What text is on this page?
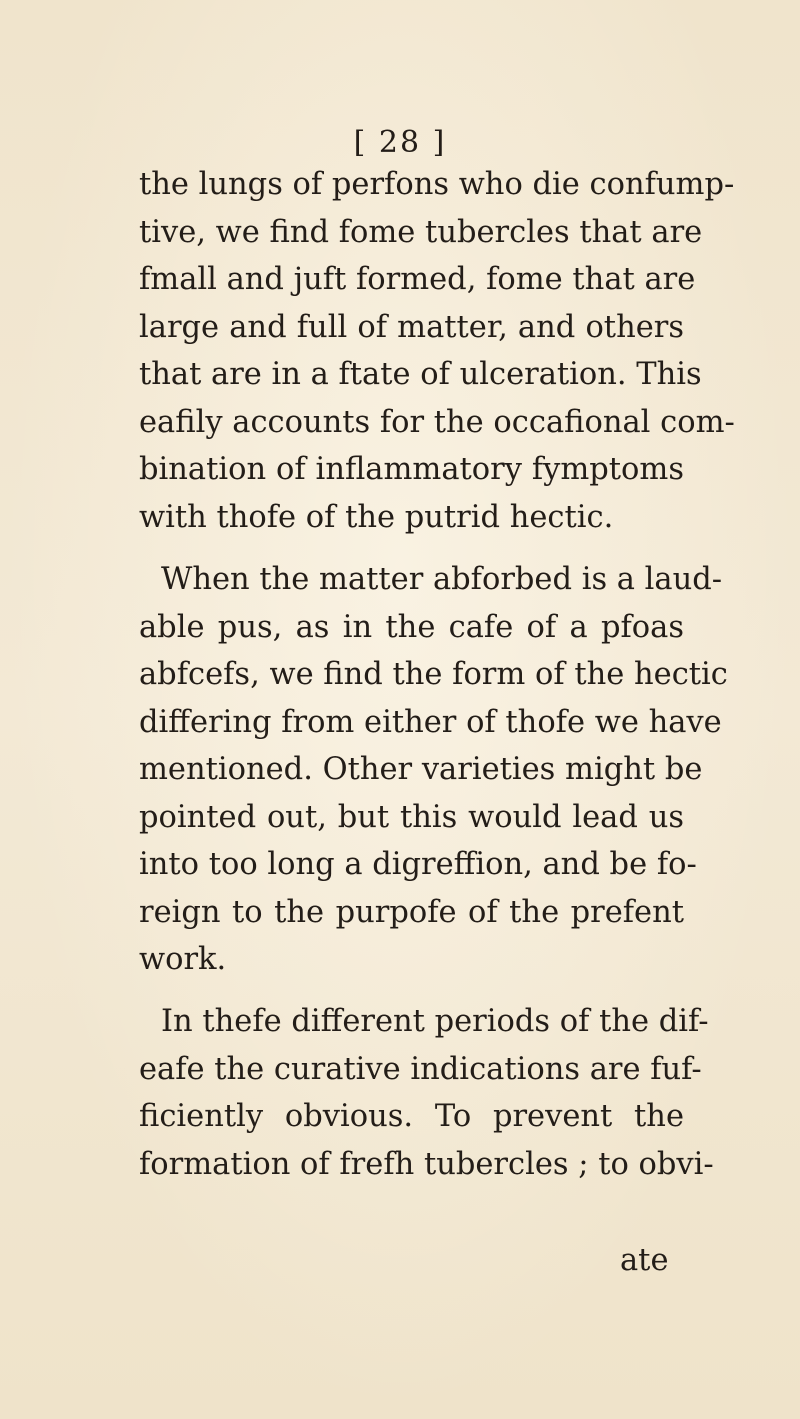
[ 28 ]
the lungs of perfons who die confump-
tive, we find fome tubercles that are
fmall and juft formed, fome that are
large and full of matter, and others
that are in a ftate of ulceration. This
eafily accounts for the occafional com-
bination of inflammatory fymptoms
with thofe of the putrid hectic.
When the matter abforbed is a laud-
able pus, as in the cafe of a pfoas
abfcefs, we find the form of the hectic
differing from either of thofe we have
mentioned. Other varieties might be
pointed out, but this would lead us
into too long a digreffion, and be fo-
reign to the purpofe of the prefent
work.
In thefe different periods of the dif-
eafe the curative indications are fuf-
ficiently obvious. To prevent the
formation of frefh tubercles ; to obvi-
ate
